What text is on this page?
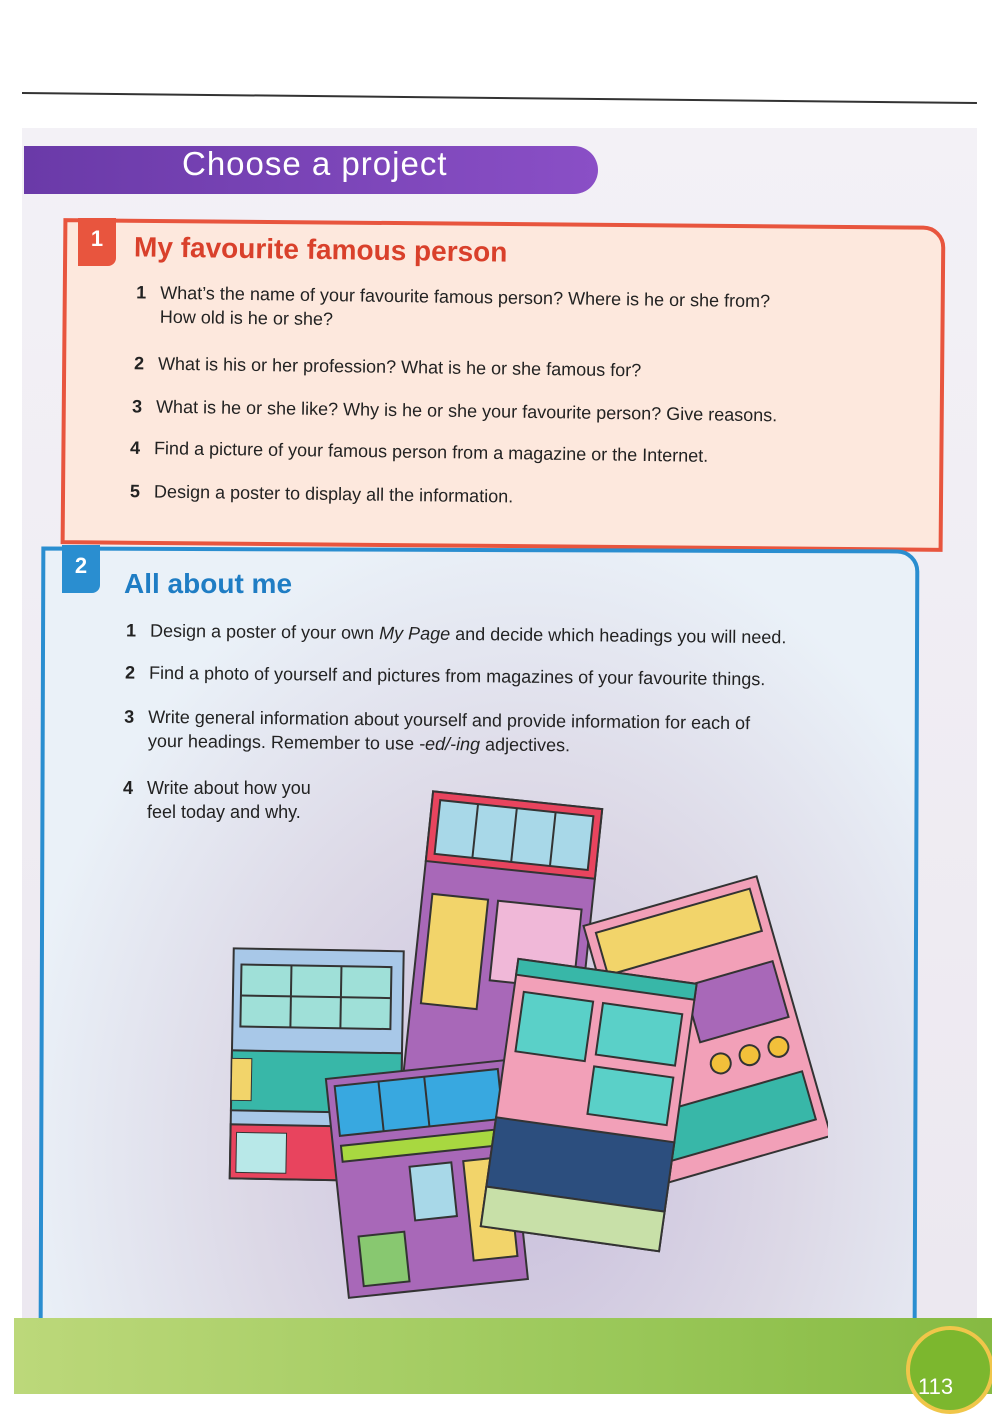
Choose a project
1	My favourite famous person
1 What’s the name of your favourite famous person? Where is he or she from?
How old is he or she?
2 What is his or her profession? What is he or she famous for?
3 What is he or she like? Why is he or she your favourite person? Give reasons.
4 Find a picture of your famous person from a magazine or the Internet.
5 Design a poster to display all the information.
2
All about me
1 Design a poster of your own My Page and decide which headings you will need.
2 Find a photo of yourself and pictures from magazines of your favourite things.
3 Write general information about yourself and provide information for each of
your headings. Remember to use -ed/-ing adjectives.
4 Write about how you
feel today and why.
113
